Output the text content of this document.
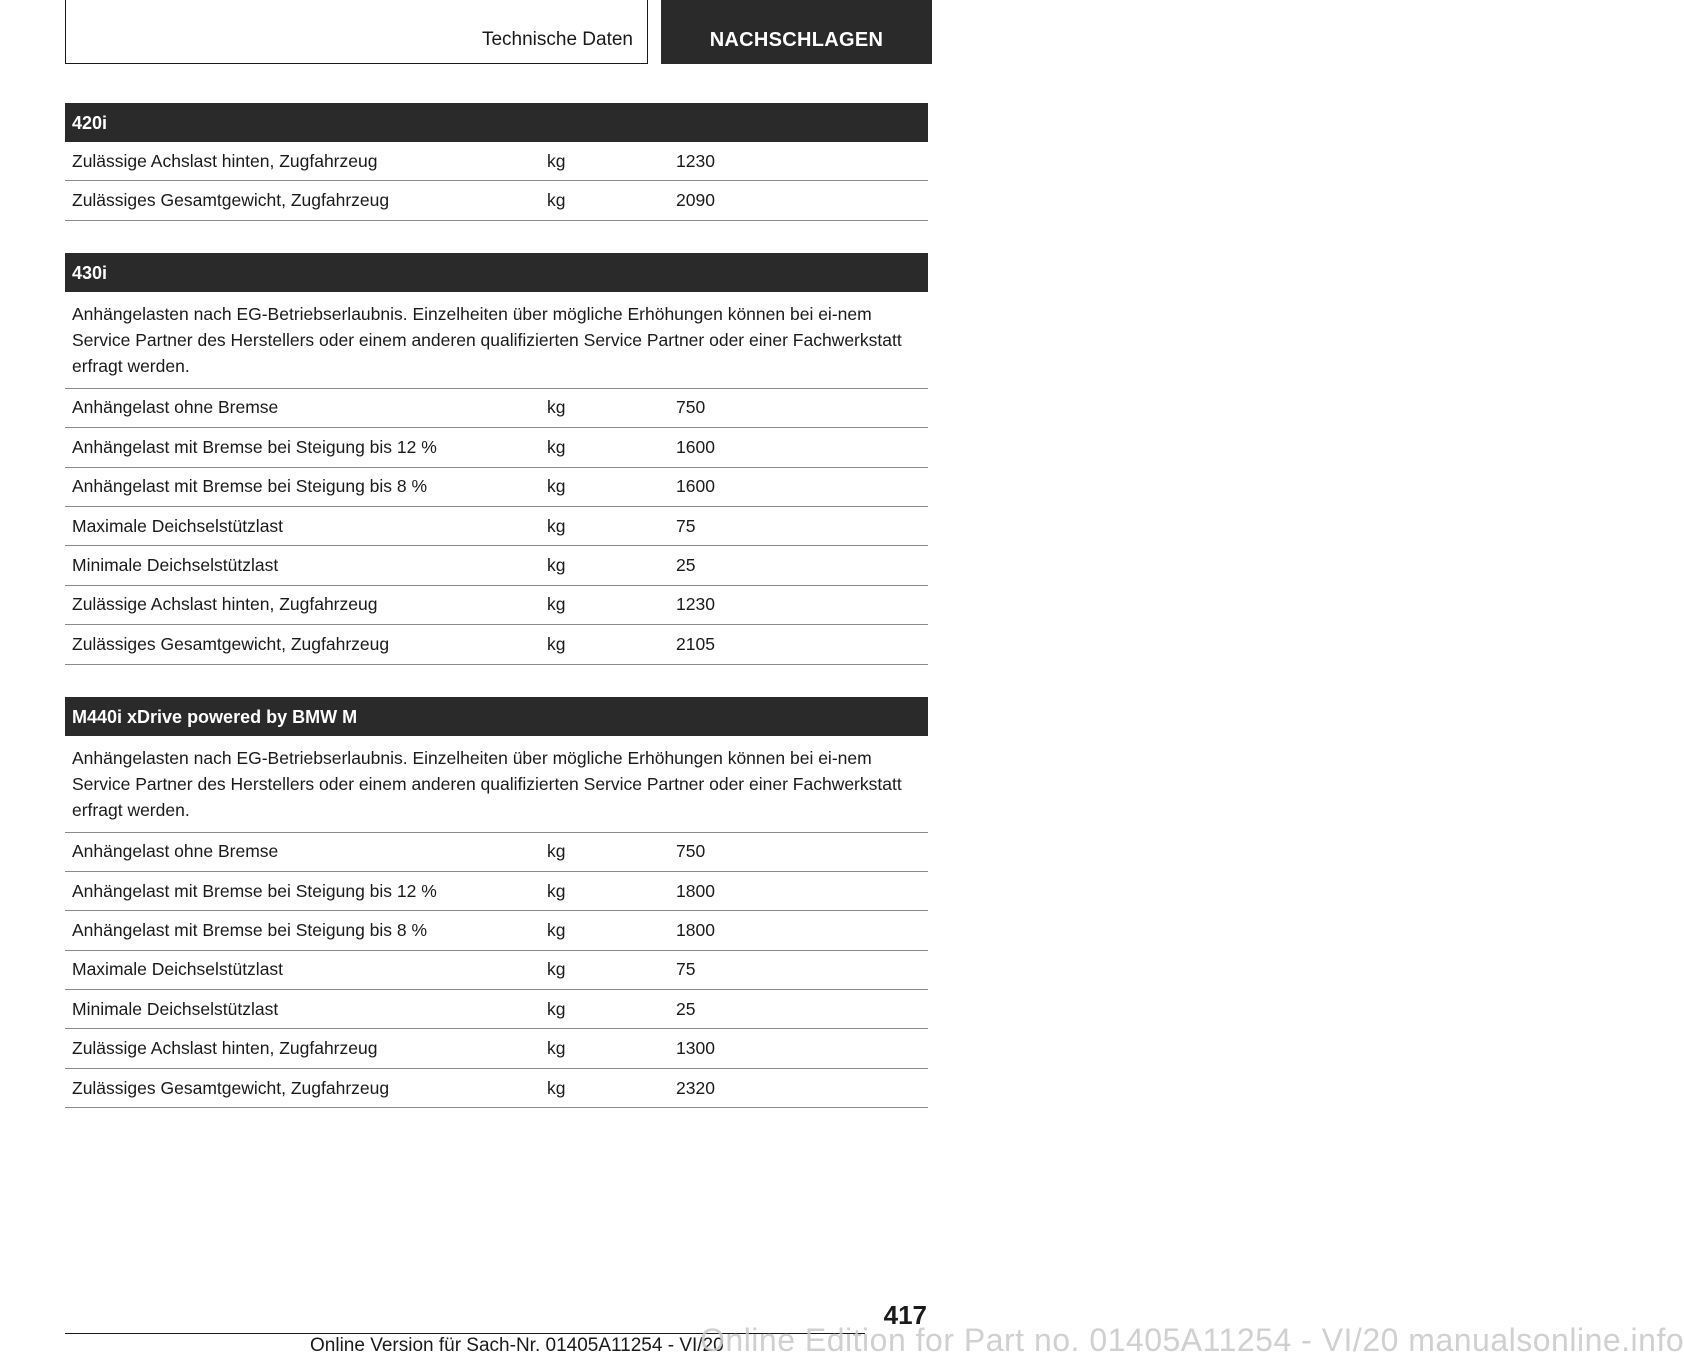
Technische Daten	NACHSCHLAGEN
420i
Zulässige Achslast hinten, Zugfahrzeug	kg	1230
Zulässiges Gesamtgewicht, Zugfahrzeug	kg	2090
430i
Anhängelasten nach EG-Betriebserlaubnis. Einzelheiten über mögliche Erhöhungen können bei ei-nem Service Partner des Herstellers oder einem anderen qualifizierten Service Partner oder einer Fachwerkstatt erfragt werden.
Anhängelast ohne Bremse	kg	750
Anhängelast mit Bremse bei Steigung bis 12 %	kg	1600
Anhängelast mit Bremse bei Steigung bis 8 %	kg	1600
Maximale Deichselstützlast	kg	75
Minimale Deichselstützlast	kg	25
Zulässige Achslast hinten, Zugfahrzeug	kg	1230
Zulässiges Gesamtgewicht, Zugfahrzeug	kg	2105
M440i xDrive powered by BMW M
Anhängelasten nach EG-Betriebserlaubnis. Einzelheiten über mögliche Erhöhungen können bei ei-nem Service Partner des Herstellers oder einem anderen qualifizierten Service Partner oder einer Fachwerkstatt erfragt werden.
Anhängelast ohne Bremse	kg	750
Anhängelast mit Bremse bei Steigung bis 12 %	kg	1800
Anhängelast mit Bremse bei Steigung bis 8 %	kg	1800
Maximale Deichselstützlast	kg	75
Minimale Deichselstützlast	kg	25
Zulässige Achslast hinten, Zugfahrzeug	kg	1300
Zulässiges Gesamtgewicht, Zugfahrzeug	kg	2320
417
Online Version für Sach-Nr. 01405A11254 - VI/20
Online Edition for Part no. 01405A11254 - VI/20 manualsonline.info
